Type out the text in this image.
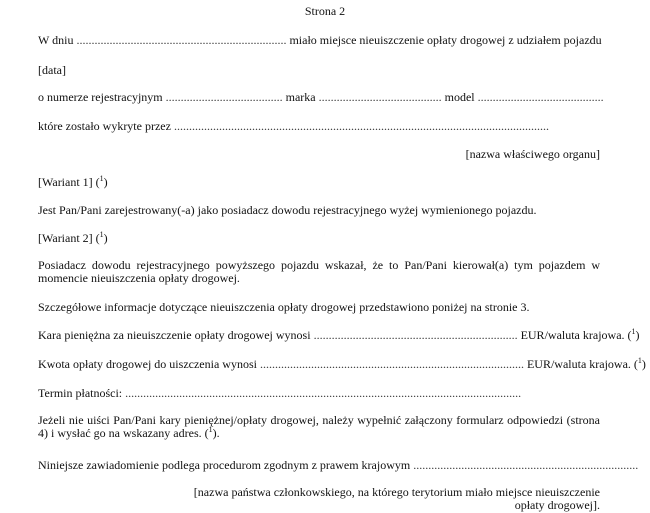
Strona 2
W dniu ...................................................................... miało miejsce nieuiszczenie opłaty drogowej z udziałem pojazdu
[data]
o numerze rejestracyjnym ....................................... marka ......................................... model ..........................................
które zostało wykryte przez .............................................................................................................................
[nazwa właściwego organu]
[Wariant 1] ($^1$)
Jest Pan/Pani zarejestrowany(-a) jako posiadacz dowodu rejestracyjnego wyżej wymienionego pojazdu.
[Wariant 2] ($^1$)
Posiadacz dowodu rejestracyjnego powyższego pojazdu wskazał, że to Pan/Pani kierował(a) tym pojazdem w momencie nieuiszczenia opłaty drogowej.
Szczegółowe informacje dotyczące nieuiszczenia opłaty drogowej przedstawiono poniżej na stronie 3.
Kara pieniężna za nieuiszczenie opłaty drogowej wynosi .................................................................... EUR/waluta krajowa. ($^1$)
Kwota opłaty drogowej do uiszczenia wynosi ........................................................................................ EUR/waluta krajowa. ($^1$)
Termin płatności: ....................................................................................................................................
Jeżeli nie uiści Pan/Pani kary pieniężnej/opłaty drogowej, należy wypełnić załączony formularz odpowiedzi (strona 4) i wysłać go na wskazany adres. ($^1$).
Niniejsze zawiadomienie podlega procedurom zgodnym z prawem krajowym ...........................................................................
[nazwa państwa członkowskiego, na którego terytorium miało miejsce nieuiszczenie
opłaty drogowej].
